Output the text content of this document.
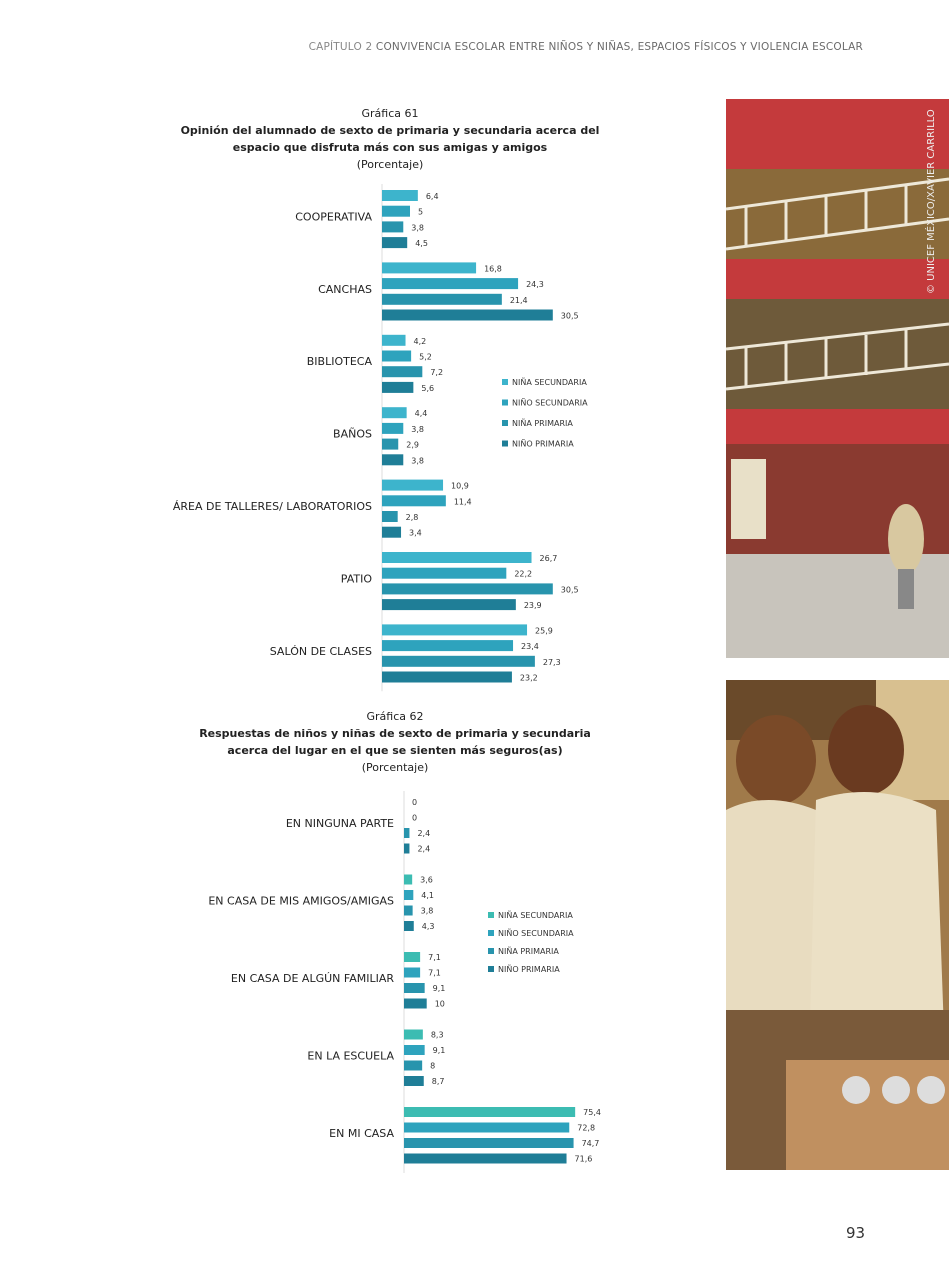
CAPÍTULO 2 CONVIVENCIA ESCOLAR ENTRE NIÑOS Y NIÑAS, ESPACIOS FÍSICOS Y VIOLENCIA ESCOLAR
Gráfica 61
Opinión del alumnado de sexto de primaria y secundaria acerca del espacio que disfruta más con sus amigas y amigos
(Porcentaje)
COOPERATIVA
6,4
5
3,8
4,5
CANCHAS
16,8
24,3
21,4
30,5
BIBLIOTECA
4,2
5,2
7,2
5,6
BAÑOS
4,4
3,8
2,9
3,8
ÁREA DE TALLERES/ LABORATORIOS
10,9
11,4
2,8
3,4
PATIO
26,7
22,2
30,5
23,9
SALÓN DE CLASES
25,9
23,4
27,3
23,2
NIÑA SECUNDARIA
NIÑO SECUNDARIA
NIÑA PRIMARIA
NIÑO PRIMARIA
Gráfica 62
Respuestas de niños y niñas de sexto de primaria y secundaria acerca del lugar en el que se sienten más seguros(as)
(Porcentaje)
EN NINGUNA PARTE
0
0
2,4
2,4
EN CASA DE MIS AMIGOS/AMIGAS
3,6
4,1
3,8
4,3
EN CASA DE ALGÚN FAMILIAR
7,1
7,1
9,1
10
EN LA ESCUELA
8,3
9,1
8
8,7
EN MI CASA
75,4
72,8
74,7
71,6
NIÑA SECUNDARIA
NIÑO SECUNDARIA
NIÑA PRIMARIA
NIÑO PRIMARIA
© UNICEF MÉXICO/XAVIER CARRILLO
93
